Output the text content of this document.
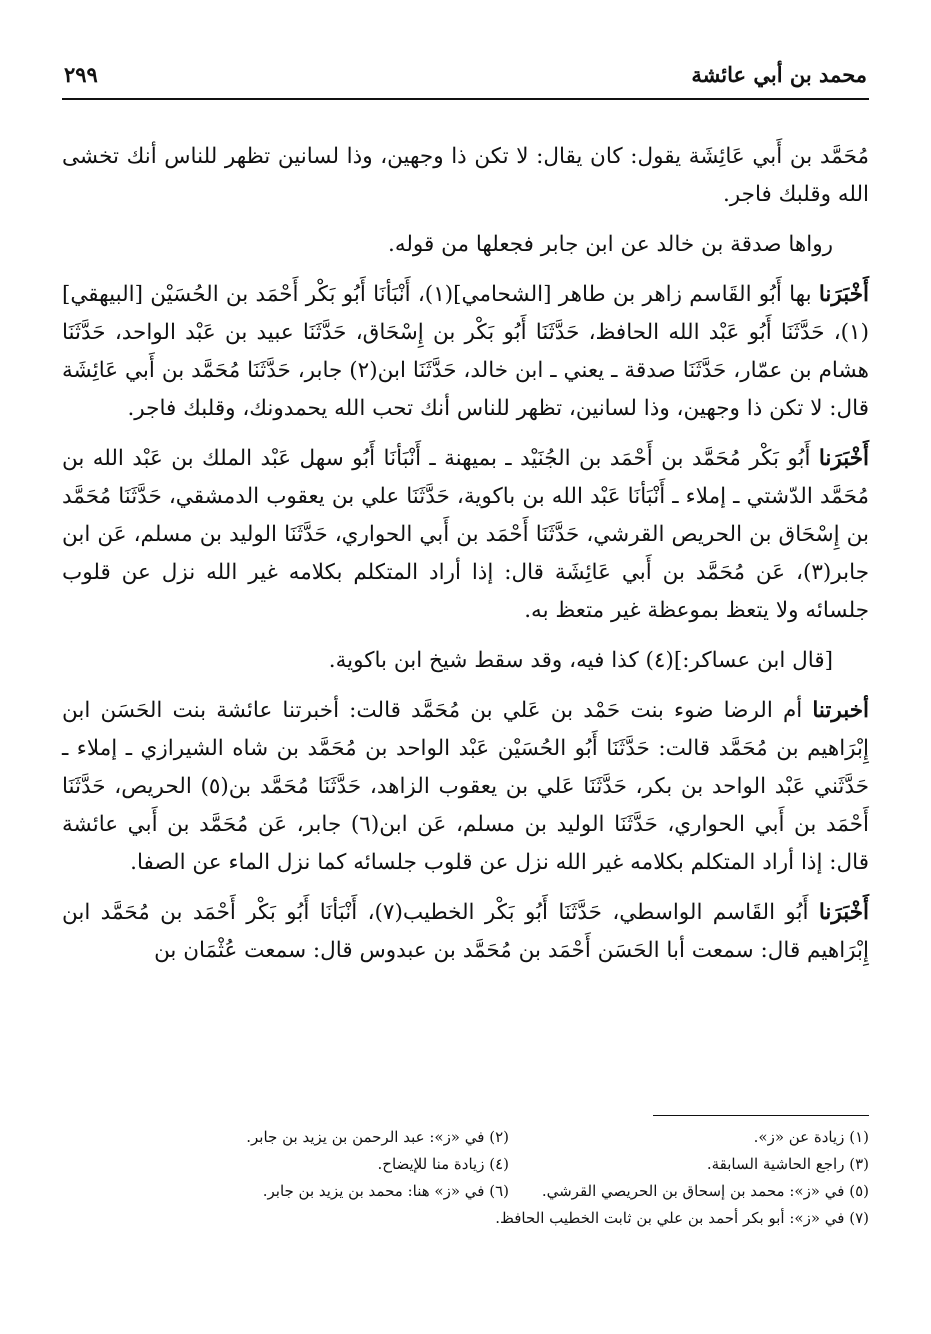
محمد بن أبي عائشة
٢٩٩

مُحَمَّد بن أَبي عَائِشَة يقول: كان يقال: لا تكن ذا وجهين، وذا لسانين تظهر للناس أنك تخشى الله وقلبك فاجر.

رواها صدقة بن خالد عن ابن جابر فجعلها من قوله.

أَخْبَرَنا بها أَبُو القَاسم زاهر بن طاهر [الشحامي](١)، أَنْبَأنَا أَبُو بَكْر أَحْمَد بن الحُسَيْن [البيهقي](١)، حَدَّثَنَا أَبُو عَبْد الله الحافظ، حَدَّثَنَا أَبُو بَكْر بن إِسْحَاق، حَدَّثَنَا عبيد بن عَبْد الواحد، حَدَّثَنَا هشام بن عمّار، حَدَّثَنَا صدقة ـ يعني ـ ابن خالد، حَدَّثَنَا ابن(٢) جابر، حَدَّثَنَا مُحَمَّد بن أَبي عَائِشَة قال: لا تكن ذا وجهين، وذا لسانين، تظهر للناس أنك تحب الله يحمدونك، وقلبك فاجر.

أَخْبَرَنا أَبُو بَكْر مُحَمَّد بن أَحْمَد بن الجُنَيْد ـ بميهنة ـ أَنْبَأنَا أَبُو سهل عَبْد الملك بن عَبْد الله بن مُحَمَّد الدّشتي ـ إملاء ـ أَنْبَأنَا عَبْد الله بن باكوية، حَدَّثَنَا علي بن يعقوب الدمشقي، حَدَّثَنَا مُحَمَّد بن إِسْحَاق بن الحريص القرشي، حَدَّثَنَا أَحْمَد بن أَبي الحواري، حَدَّثَنَا الوليد بن مسلم، عَن ابن جابر(٣)، عَن مُحَمَّد بن أَبي عَائِشَة قال: إذا أراد المتكلم بكلامه غير الله نزل عن قلوب جلسائه ولا يتعظ بموعظة غير متعظ به.

[قال ابن عساكر:](٤) كذا فيه، وقد سقط شيخ ابن باكوية.

أخبرتنا أم الرضا ضوء بنت حَمْد بن عَلي بن مُحَمَّد قالت: أخبرتنا عائشة بنت الحَسَن ابن إِبْرَاهيم بن مُحَمَّد قالت: حَدَّثَنَا أَبُو الحُسَيْن عَبْد الواحد بن مُحَمَّد بن شاه الشيرازي ـ إملاء ـ حَدَّثَني عَبْد الواحد بن بكر، حَدَّثَنَا عَلي بن يعقوب الزاهد، حَدَّثَنَا مُحَمَّد بن(٥) الحريص، حَدَّثَنَا أَحْمَد بن أَبي الحواري، حَدَّثَنَا الوليد بن مسلم، عَن ابن(٦) جابر، عَن مُحَمَّد بن أَبي عائشة قال: إذا أراد المتكلم بكلامه غير الله نزل عن قلوب جلسائه كما نزل الماء عن الصفا.

أَخْبَرَنا أَبُو القَاسم الواسطي، حَدَّثَنَا أَبُو بَكْر الخطيب(٧)، أَنْبَأنَا أَبُو بَكْر أَحْمَد بن مُحَمَّد ابن إِبْرَاهيم قال: سمعت أبا الحَسَن أَحْمَد بن مُحَمَّد بن عبدوس قال: سمعت عُثْمَان بن

(١) زيادة عن «ز».
(٢) في «ز»: عبد الرحمن بن يزيد بن جابر.
(٣) راجع الحاشية السابقة.
(٤) زيادة منا للإيضاح.
(٥) في «ز»: محمد بن إسحاق بن الحريصي القرشي.
(٦) في «ز» هنا: محمد بن يزيد بن جابر.
(٧) في «ز»: أبو بكر أحمد بن علي بن ثابت الخطيب الحافظ.
